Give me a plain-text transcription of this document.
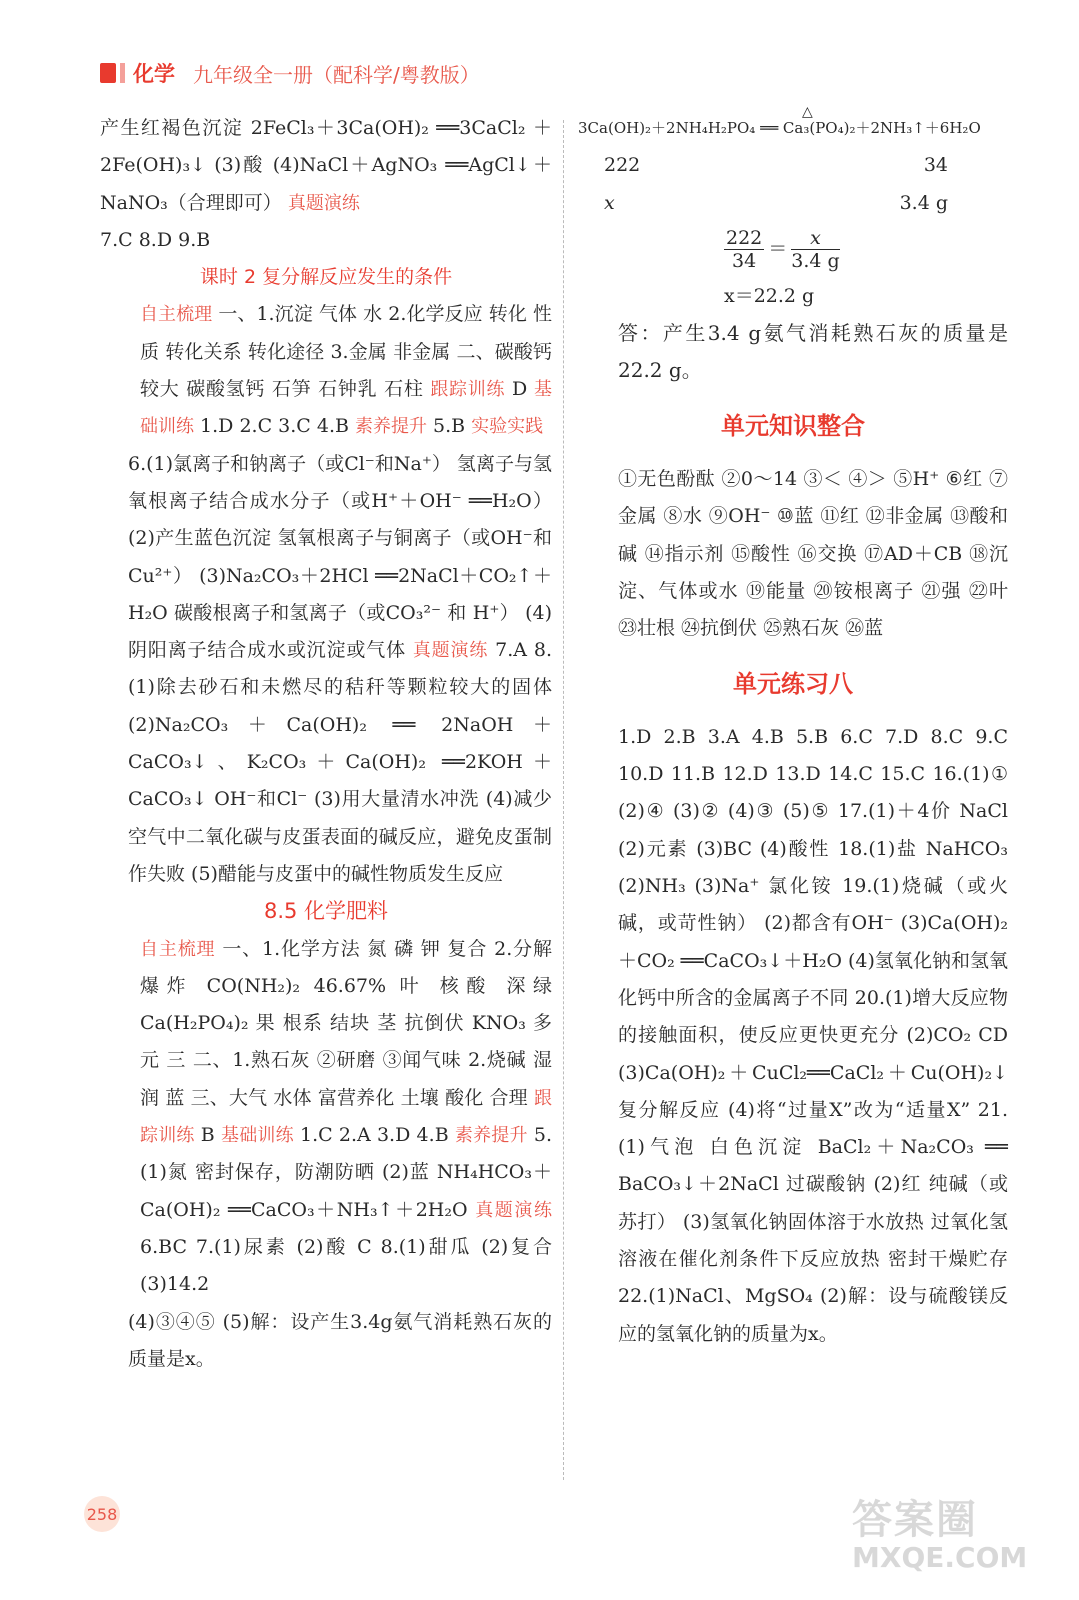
化学 九年级全一册（配科学/粤教版）

产生红褐色沉淀 2FeCl₃＋3Ca(OH)₂ ══3CaCl₂ ＋2Fe(OH)₃↓ (3)酸 (4)NaCl＋AgNO₃ ══AgCl↓＋NaNO₃（合理即可） 真题演练

7.C 8.D 9.B

课时 2 复分解反应发生的条件

自主梳理 一、1.沉淀 气体 水 2.化学反应 转化 性质 转化关系 转化途径 3.金属 非金属 二、碳酸钙 较大 碳酸氢钙 石笋 石钟乳 石柱 跟踪训练 D 基础训练 1.D 2.C 3.C 4.B 素养提升 5.B 实验实践

6.(1)氯离子和钠离子（或Cl⁻和Na⁺） 氢离子与氢氧根离子结合成水分子（或H⁺＋OH⁻ ══H₂O） (2)产生蓝色沉淀 氢氧根离子与铜离子（或OH⁻和Cu²⁺） (3)Na₂CO₃＋2HCl ══2NaCl＋CO₂↑＋H₂O 碳酸根离子和氢离子（或CO₃²⁻ 和 H⁺） (4)阴阳离子结合成水或沉淀或气体 真题演练 7.A 8.(1)除去砂石和未燃尽的秸秆等颗粒较大的固体 (2)Na₂CO₃＋Ca(OH)₂ ══ 2NaOH＋CaCO₃↓、K₂CO₃＋Ca(OH)₂ ══2KOH＋CaCO₃↓ OH⁻和Cl⁻ (3)用大量清水冲洗 (4)减少空气中二氧化碳与皮蛋表面的碱反应，避免皮蛋制作失败 (5)醋能与皮蛋中的碱性物质发生反应

8.5 化学肥料

自主梳理 一、1.化学方法 氮 磷 钾 复合 2.分解 爆炸 CO(NH₂)₂ 46.67% 叶 核酸 深绿 Ca(H₂PO₄)₂ 果 根系 结块 茎 抗倒伏 KNO₃ 多元 三 二、1.熟石灰 ②研磨 ③闻气味 2.烧碱 湿润 蓝 三、大气 水体 富营养化 土壤 酸化 合理 跟踪训练 B 基础训练 1.C 2.A 3.D 4.B 素养提升 5.(1)氮 密封保存，防潮防晒 (2)蓝 NH₄HCO₃＋Ca(OH)₂ ══CaCO₃＋NH₃↑＋2H₂O 真题演练 6.BC 7.(1)尿素 (2)酸 C 8.(1)甜瓜 (2)复合 (3)14.2

(4)③④⑤ (5)解：设产生3.4g氨气消耗熟石灰的质量是x。

3Ca(OH)₂＋2NH₄H₂PO₄ ══ Ca₃(PO₄)₂＋2NH₃↑＋6H₂O
△

222	34
x	3.4 g
$\frac{222}{34} = \frac{x}{3.4 g}$

x＝22.2 g

答：产生3.4 g氨气消耗熟石灰的质量是22.2 g。

单元知识整合

①无色酚酞 ②0～14 ③＜ ④＞ ⑤H⁺ ⑥红 ⑦金属 ⑧水 ⑨OH⁻ ⑩蓝 ⑪红 ⑫非金属 ⑬酸和碱 ⑭指示剂 ⑮酸性 ⑯交换 ⑰AD＋CB ⑱沉淀、气体或水 ⑲能量 ⑳铵根离子 ㉑强 ㉒叶 ㉓壮根 ㉔抗倒伏 ㉕熟石灰 ㉖蓝

单元练习八

1.D 2.B 3.A 4.B 5.B 6.C 7.D 8.C 9.C 10.D 11.B 12.D 13.D 14.C 15.C 16.(1)① (2)④ (3)② (4)③ (5)⑤ 17.(1)＋4价 NaCl (2)元素 (3)BC (4)酸性 18.(1)盐 NaHCO₃ (2)NH₃ (3)Na⁺ 氯化铵 19.(1)烧碱（或火碱，或苛性钠） (2)都含有OH⁻ (3)Ca(OH)₂＋CO₂ ══CaCO₃↓＋H₂O (4)氢氧化钠和氢氧化钙中所含的金属离子不同 20.(1)增大反应物的接触面积，使反应更快更充分 (2)CO₂ CD (3)Ca(OH)₂＋CuCl₂══CaCl₂＋Cu(OH)₂↓ 复分解反应 (4)将“过量X”改为“适量X” 21.(1)气泡 白色沉淀 BaCl₂＋Na₂CO₃ ══ BaCO₃↓＋2NaCl 过碳酸钠 (2)红 纯碱（或苏打） (3)氢氧化钠固体溶于水放热 过氧化氢溶液在催化剂条件下反应放热 密封干燥贮存 22.(1)NaCl、MgSO₄ (2)解：设与硫酸镁反应的氢氧化钠的质量为x。

258	答案圈
MXQE.COM
